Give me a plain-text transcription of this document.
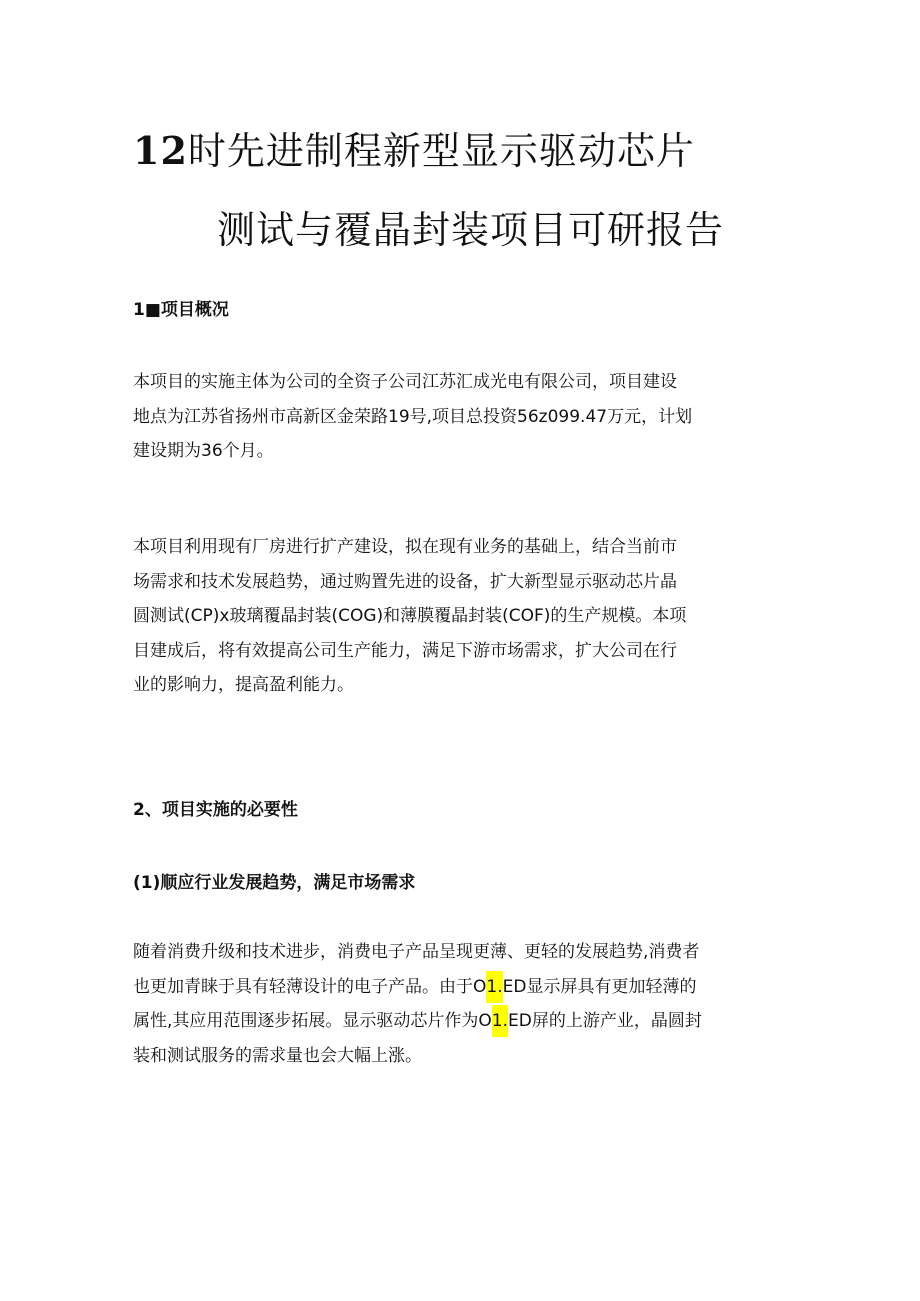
12时先进制程新型显示驱动芯片
测试与覆晶封装项目可研报告
1■项目概况

本项目的实施主体为公司的全资子公司江苏汇成光电有限公司，项目建设
地点为江苏省扬州市高新区金荣路19号,项目总投资56z099.47万元，计划
建设期为36个月。

本项目利用现有厂房进行扩产建设，拟在现有业务的基础上，结合当前市
场需求和技术发展趋势，通过购置先进的设备，扩大新型显示驱动芯片晶
圆测试(CP)x玻璃覆晶封装(COG)和薄膜覆晶封装(COF)的生产规模。本项
目建成后，将有效提高公司生产能力，满足下游市场需求，扩大公司在行
业的影响力，提高盈利能力。

2、项目实施的必要性
(1)顺应行业发展趋势，满足市场需求

随着消费升级和技术进步，消费电子产品呈现更薄、更轻的发展趋势,消费者
也更加青睐于具有轻薄设计的电子产品。由于O1.ED显示屏具有更加轻薄的
属性,其应用范围逐步拓展。显示驱动芯片作为O1.ED屏的上游产业，晶圆封
装和测试服务的需求量也会大幅上涨。
